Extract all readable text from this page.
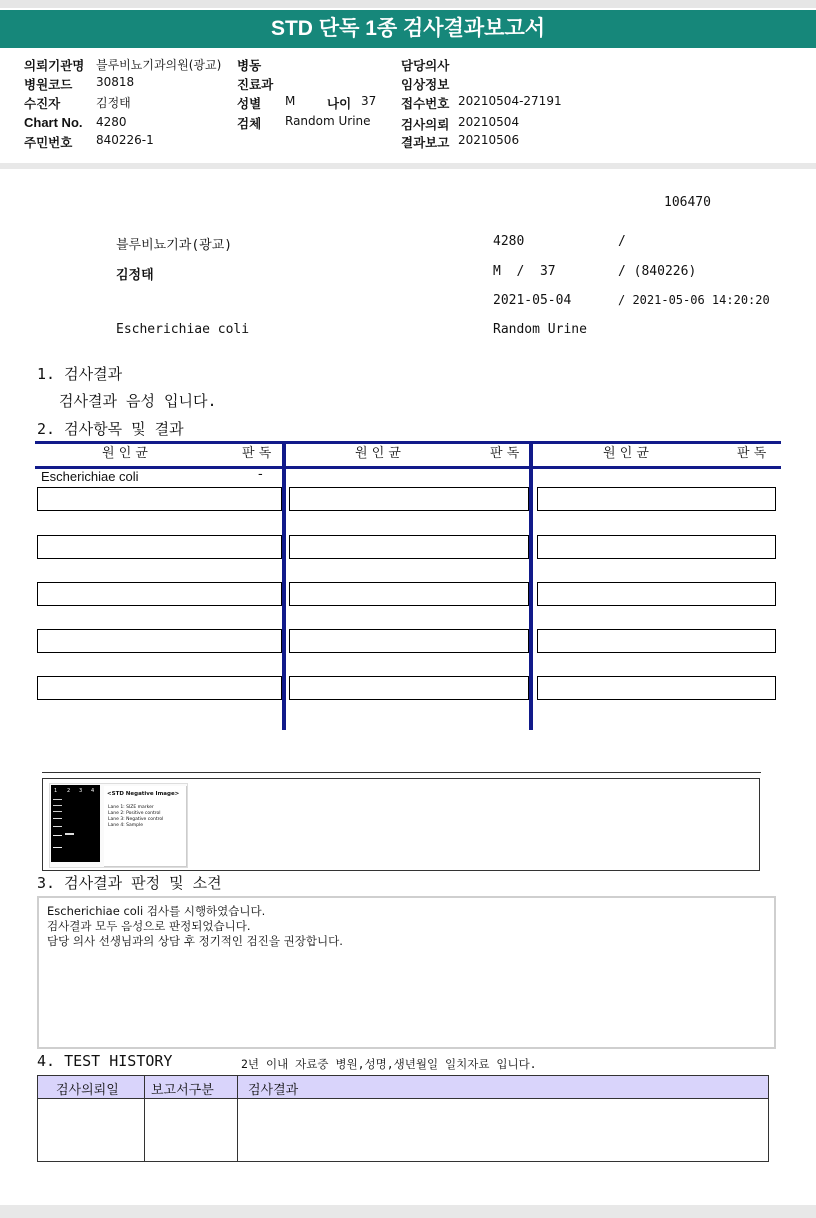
STD 단독 1종 검사결과보고서
의뢰기관명 블루비뇨기과의원(광교) 병동	담당의사
병원코드 30818	진료과	임상정보
수진자	김정태	성별 M	나이 37 접수번호 20210504-27191
Chart No. 4280	검체 Random Urine 검사의뢰 20210504
주민번호 840226-1	결과보고 20210506
106470
블루비뇨기과(광교)	4280	/
김정태	M  /  37	/ (840226)
2021-05-04	/ 2021-05-06 14:20:20
Escherichiae coli	Random Urine
1. 검사결과
검사결과 음성 입니다.
2. 검사항목 및 결과
원 인 균	판 독	원 인 균	판 독	원 인 균	판 독
Escherichiae coli	-
1 2 3 4 <STD Negative Image>
Lane 1: SIZE marker
Lane 2: Positive control
Lane 3: Negative control
Lane 4: Sample
3. 검사결과 판정 및 소견
Escherichiae coli 검사를 시행하였습니다.
검사결과 모두 음성으로 판정되었습니다.
담당 의사 선생님과의 상담 후 정기적인 검진을 권장합니다.
4. TEST HISTORY	2년 이내 자료중 병원,성명,생년월일 일치자료 입니다.
검사의뢰일 보고서구분	검사결과
